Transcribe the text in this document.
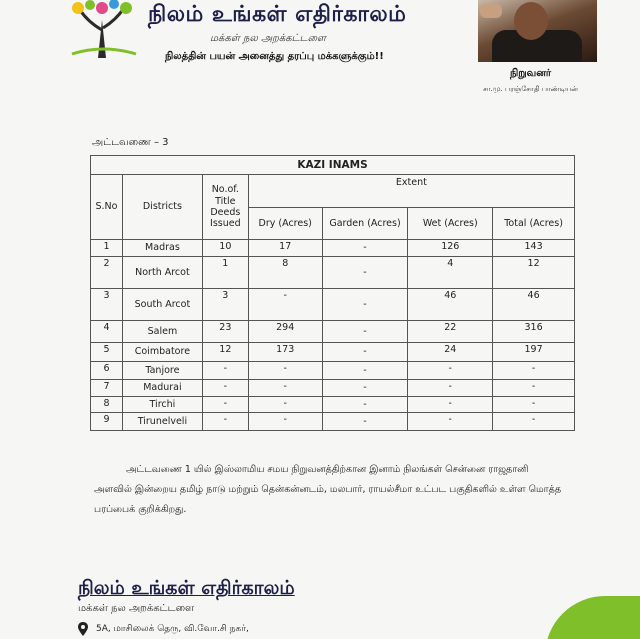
நிலம் உங்கள் எதிர்காலம்
மக்கள் நல அறக்கட்டளை
நிலத்தின் பயன் அனைத்து தரப்பு மக்களுக்கும்!!
நிறுவனர்
சா.மு. பரஞ்சோதி பாண்டியன்
அட்டவணை – 3
KAZI INAMS						
S.No	Districts	No.of. Title Deeds Issued	Extent			
			Dry (Acres)	Garden (Acres)	Wet (Acres)	Total (Acres)
1	Madras	10	17	-	126	143
2	North Arcot	1	8	-	4	12
3	South Arcot	3	-	-	46	46
4	Salem	23	294	-	22	316
5	Coimbatore	12	173	-	24	197
6	Tanjore	-	-	-	-	-
7	Madurai	-	-	-	-	-
8	Tirchi	-	-	-	-	-
9	Tirunelveli	-	-	-	-	-
அட்டவணை 1 யில் இஸ்லாமிய சமய நிறுவனத்திற்கான இனாம் நிலங்கள் சென்னை ராஜதானி அளவில் இன்றைய தமிழ் நாடு மற்றும் தென்கன்னடம், மலபார், ராயல்சீமா உட்பட பகுதிகளில் உள்ள மொத்த பரப்பைக் குறிக்கிறது.
நிலம் உங்கள் எதிர்காலம்
மக்கள் நல அறக்கட்டளை
5A, மாசிலைக் தெரு, வி.வோ.சி நகர்,
